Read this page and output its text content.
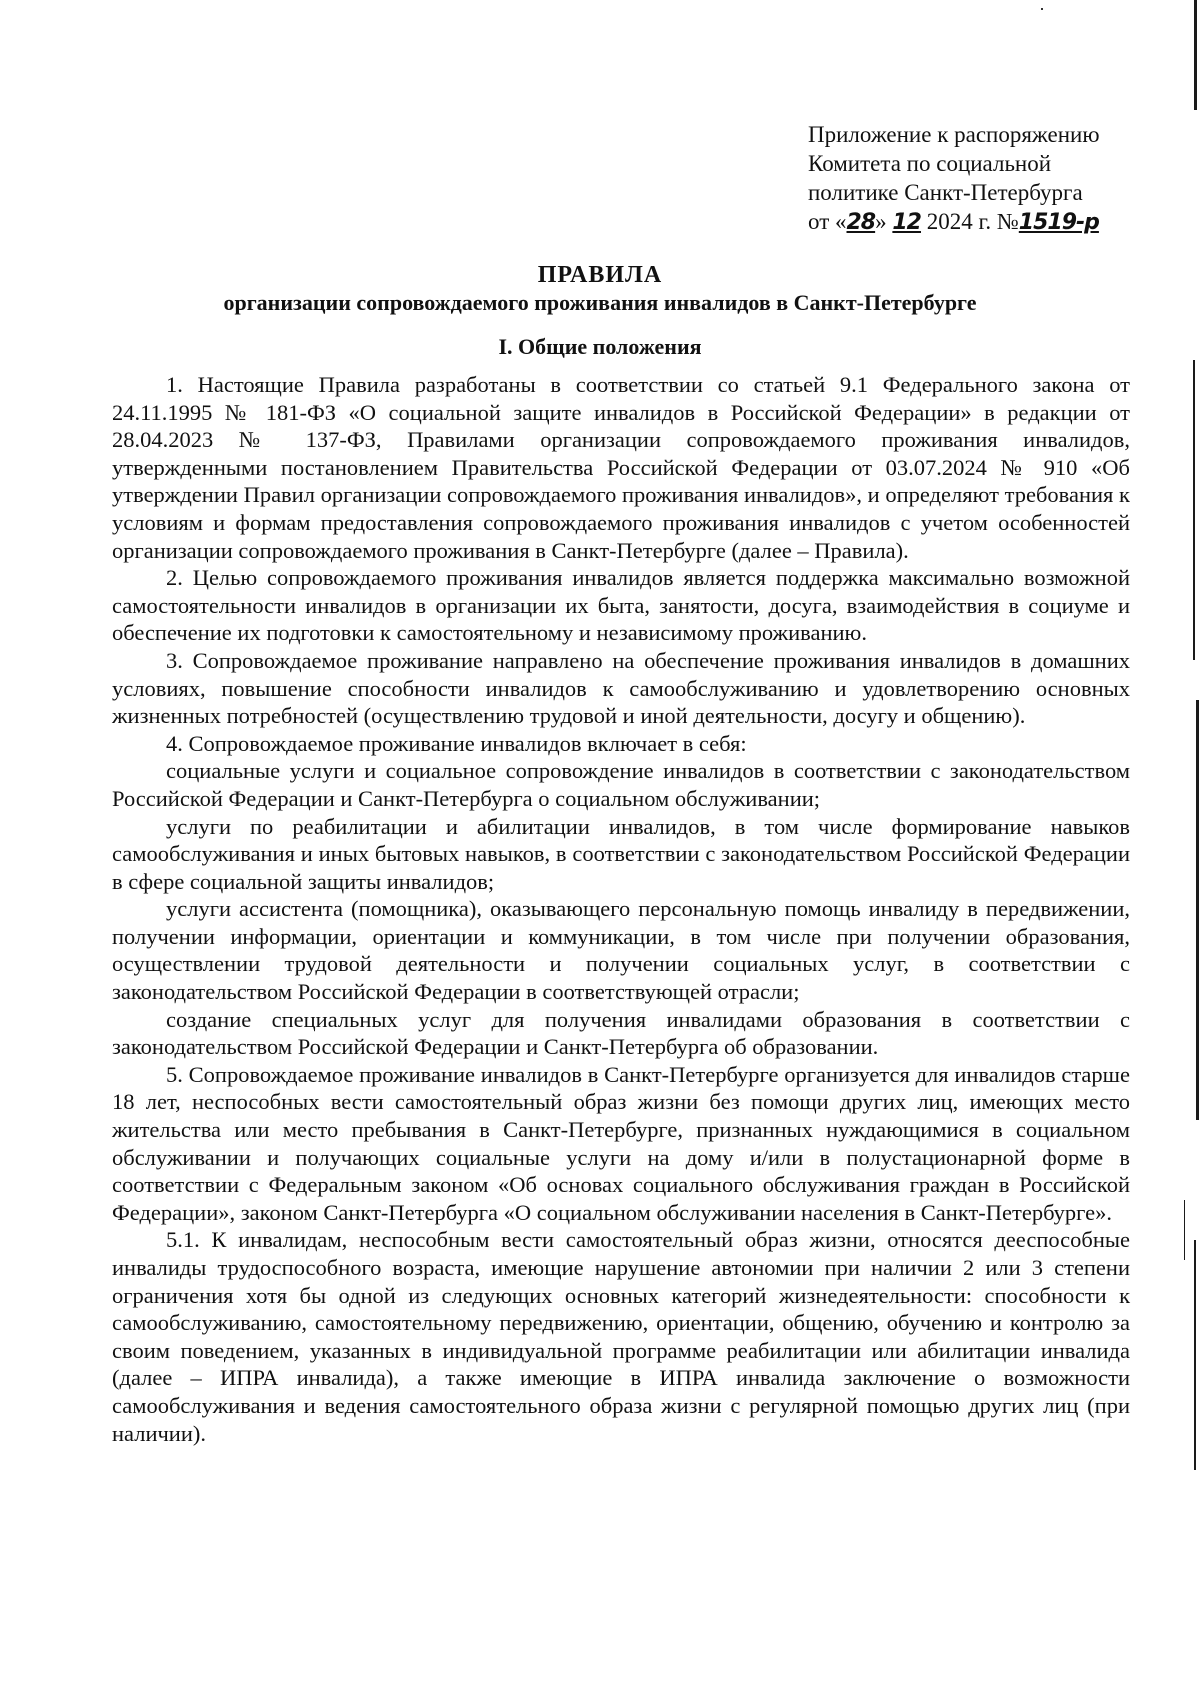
Приложение к распоряжению
Комитета по социальной
политике Санкт-Петербурга
от «28» 12 2024 г. №1519-р
ПРАВИЛА
организации сопровождаемого проживания инвалидов в Санкт-Петербурге
I. Общие положения

1. Настоящие Правила разработаны в соответствии со статьей 9.1 Федерального закона от 24.11.1995 № 181-ФЗ «О социальной защите инвалидов в Российской Федерации» в редакции от 28.04.2023 № 137-ФЗ, Правилами организации сопровождаемого проживания инвалидов, утвержденными постановлением Правительства Российской Федерации от 03.07.2024 № 910 «Об утверждении Правил организации сопровождаемого проживания инвалидов», и определяют требования к условиям и формам предоставления сопровождаемого проживания инвалидов с учетом особенностей организации сопровождаемого проживания в Санкт-Петербурге (далее – Правила).

2. Целью сопровождаемого проживания инвалидов является поддержка максимально возможной самостоятельности инвалидов в организации их быта, занятости, досуга, взаимодействия в социуме и обеспечение их подготовки к самостоятельному и независимому проживанию.

3. Сопровождаемое проживание направлено на обеспечение проживания инвалидов в домашних условиях, повышение способности инвалидов к самообслуживанию и удовлетворению основных жизненных потребностей (осуществлению трудовой и иной деятельности, досугу и общению).

4. Сопровождаемое проживание инвалидов включает в себя:

социальные услуги и социальное сопровождение инвалидов в соответствии с законодательством Российской Федерации и Санкт-Петербурга о социальном обслуживании;

услуги по реабилитации и абилитации инвалидов, в том числе формирование навыков самообслуживания и иных бытовых навыков, в соответствии с законодательством Российской Федерации в сфере социальной защиты инвалидов;

услуги ассистента (помощника), оказывающего персональную помощь инвалиду в передвижении, получении информации, ориентации и коммуникации, в том числе при получении образования, осуществлении трудовой деятельности и получении социальных услуг, в соответствии с законодательством Российской Федерации в соответствующей отрасли;

создание специальных услуг для получения инвалидами образования в соответствии с законодательством Российской Федерации и Санкт-Петербурга об образовании.

5. Сопровождаемое проживание инвалидов в Санкт-Петербурге организуется для инвалидов старше 18 лет, неспособных вести самостоятельный образ жизни без помощи других лиц, имеющих место жительства или место пребывания в Санкт-Петербурге, признанных нуждающимися в социальном обслуживании и получающих социальные услуги на дому и/или в полустационарной форме в соответствии с Федеральным законом «Об основах социального обслуживания граждан в Российской Федерации», законом Санкт-Петербурга «О социальном обслуживании населения в Санкт-Петербурге».

5.1. К инвалидам, неспособным вести самостоятельный образ жизни, относятся дееспособные инвалиды трудоспособного возраста, имеющие нарушение автономии при наличии 2 или 3 степени ограничения хотя бы одной из следующих основных категорий жизнедеятельности: способности к самообслуживанию, самостоятельному передвижению, ориентации, общению, обучению и контролю за своим поведением, указанных в индивидуальной программе реабилитации или абилитации инвалида (далее – ИПРА инвалида), а также имеющие в ИПРА инвалида заключение о возможности самообслуживания и ведения самостоятельного образа жизни с регулярной помощью других лиц (при наличии).
